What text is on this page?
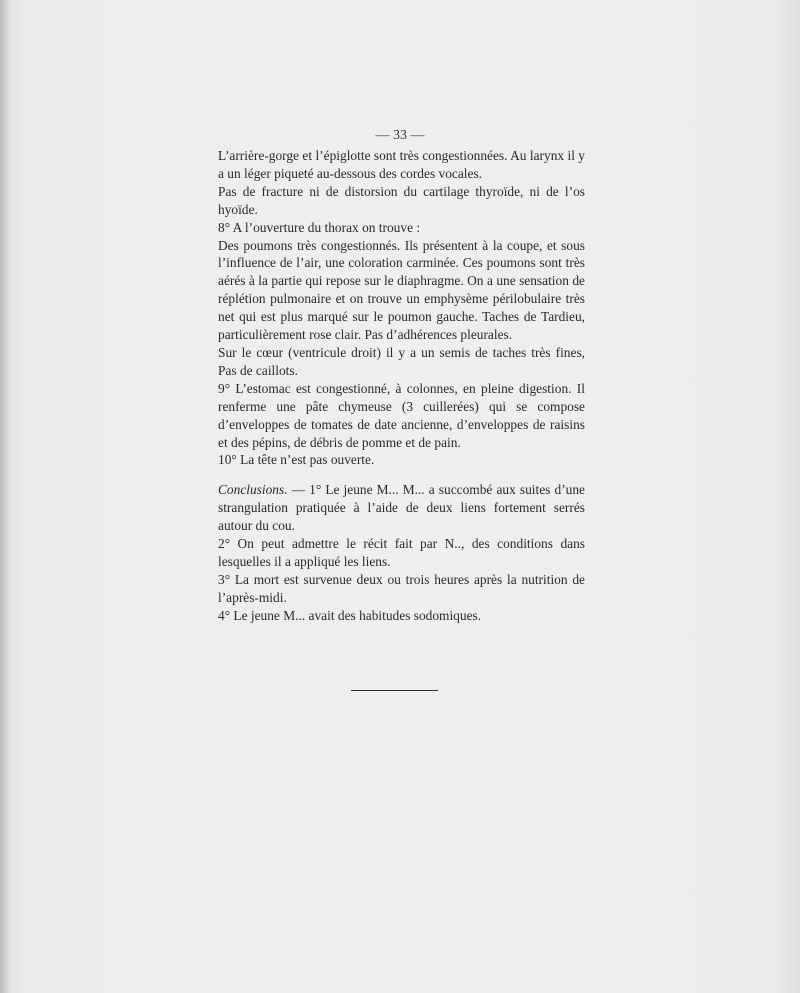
— 33 —

L’arrière-gorge et l’épiglotte sont très congestionnées. Au larynx il y a un léger piqueté au-dessous des cordes vocales.

Pas de fracture ni de distorsion du cartilage thyroïde, ni de l’os hyoïde.

8° A l’ouverture du thorax on trouve :

Des poumons très congestionnés. Ils présentent à la coupe, et sous l’influence de l’air, une coloration carminée. Ces poumons sont très aérés à la partie qui repose sur le diaphragme. On a une sensation de réplétion pulmonaire et on trouve un emphysème périlobulaire très net qui est plus marqué sur le poumon gauche. Taches de Tardieu, particulièrement rose clair. Pas d’adhérences pleurales.

Sur le cœur (ventricule droit) il y a un semis de taches très fines, Pas de caillots.

9° L’estomac est congestionné, à colonnes, en pleine digestion. Il renferme une pâte chymeuse (3 cuillerées) qui se compose d’enveloppes de tomates de date ancienne, d’enveloppes de raisins et des pépins, de débris de pomme et de pain.

10° La tête n’est pas ouverte.

Conclusions. — 1° Le jeune M... M... a succombé aux suites d’une strangulation pratiquée à l’aide de deux liens fortement serrés autour du cou.

2° On peut admettre le récit fait par N.., des conditions dans lesquelles il a appliqué les liens.

3° La mort est survenue deux ou trois heures après la nutrition de l’après-midi.

4° Le jeune M... avait des habitudes sodomiques.
